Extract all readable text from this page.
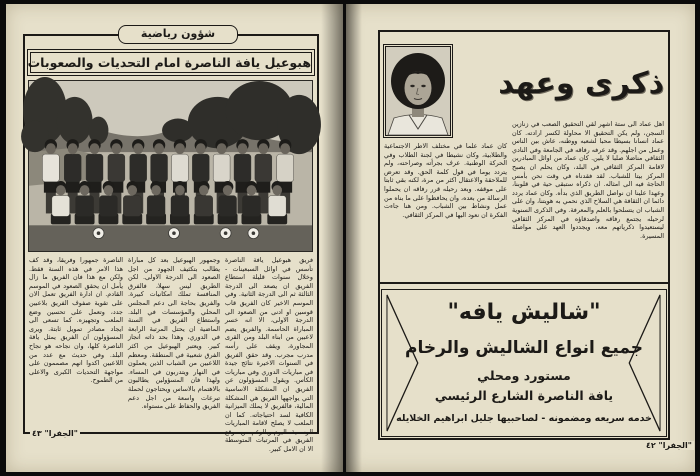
شؤون رياضية
هبوعيل يافة الناصرة امام التحديات والصعوبات
فريق هبوعيل يافة الناصرة تأسس في اوائل السبعينات - وخلال سنوات قليلة استطاع الفريق ان يصعد الى الدرجة الثالثة ثم الى الدرجة الثانية. وفي الموسم الاخير كان الفريق قاب قوسين او ادنى من الصعود الى الدرجة الاولى، الا انه خسر المباراة الحاسمة. والفريق يضم لاعبين من ابناء البلد ومن القرى المجاورة، ويقف على رأسه مدرب مجرب. وقد حقق الفريق في السنوات الاخيرة نتائج جيدة في مباريات الدوري وفي مباريات الكأس. ويقول المسؤولون عن الفريق ان المشكلة الاساسية التي يواجهها الفريق هي المشكلة المالية، فالفريق لا يملك الميزانية الكافية لسد احتياجاته. كما ان الملعب لا يصلح لاقامة المباريات الرسمية. اليوم وبالرغم من موقع الفريق في المرتبات المتوسطة الا ان الامل كبير.
وجمهور الهبوعيل بعد كل مباراة يطالب بتكثيف الجهود من اجل الصعود الى الدرجة الاولى. لكن الطريق ليس سهلا، فالفرق المنافسة تملك امكانيات كبيرة. والفريق بحاجة الى دعم المجلس المحلي والمؤسسات في البلد. واستطاع الفريق في السنة الماضية ان يحتل المرتبة الرابعة في الدوري، وهذا بحد ذاته انجاز كبير. ويعتبر الهبوعيل من اكثر الفرق شعبية في المنطقة. ومعظم اللاعبين من الشباب الذين يعملون في النهار ويتدربون في المساء. ولهذا فان المسؤولين يطالبون بالاهتمام بالاساس ويحتاجون لحملة تبرعات واسعة من اجل دعم الفريق والحفاظ على مستواه.
الناصرة جمهورا وفريقا، وقد كف هذا الامر في هذه السنة فقط. ولكن مع هذا فان الفريق ما زال يأمل ان يحقق الصعود في الموسم القادم. ان ادارة الفريق تعمل الان على تقوية صفوف الفريق بلاعبين جدد، وتعمل على تحسين وضع الملعب وتجهيزه. كما تسعى الى ايجاد مصادر تمويل ثابتة. ويرى المسؤولون ان الفريق يمثل يافة الناصرة كلها، وان نجاحه هو نجاح البلد. وفي حديث مع عدد من اللاعبين اكدوا انهم مصممون على مواجهة التحديات الكبرى والاعلى من الطموح.
"الجفرا" ٤٣
ذكرى وعهد
اهل عماد الى ستة اشهر لقي التحقيق الصعب في زنازين السجن، ولم يكن التحقيق الا محاولة لكسر ارادته. كان عماد انسانا بسيطا محبا لشعبه ووطنه، عاش بين الناس وعمل من اجلهم. وقد عرفه رفاقه في الجامعة وفي النادي الثقافي مناضلا صلبا لا يلين. كان عماد من اوائل المبادرين لاقامة المركز الثقافي في البلد، وكان يحلم ان يصبح المركز بيتا للشباب. لقد فقدناه في وقت نحن بأمس الحاجة فيه الى امثاله. ان ذكراه ستبقى حية في قلوبنا، وعهدا علينا ان نواصل الطريق الذي بدأه. وكان عماد يردد دائما ان الثقافة هي السلاح الذي نحمي به هويتنا، وان على الشباب ان يتسلحوا بالعلم والمعرفة. وفي الذكرى السنوية لرحيله يجتمع رفاقه واصدقاؤه في المركز الثقافي ليستعيدوا ذكرياتهم معه، ويجددوا العهد على مواصلة المسيرة.
كان عماد علما في مختلف الاطر الاجتماعية والطلابية، وكان نشيطا في لجنة الطلاب وفي الحركة الوطنية. عرف بجرأته وصراحته، ولم يتردد يوما في قول كلمة الحق. وقد تعرض للملاحقة والاعتقال اكثر من مرة، لكنه بقي ثابتا على موقفه. وبعد رحيله قرر رفاقه ان يحملوا الرسالة من بعده، وان يحافظوا على ما بناه من عمل ونشاط بين الشباب. ومن هنا جاءت الفكرة ان نعود اليها في المركز الثقافي.
"شاليش يافه"
جميع انواع الشاليش والرخام
مستورد ومحلي
يافة الناصرة الشارع الرئيسي
خدمه سريعه ومضمونه - لصاحبيها جليل ابراهيم الخلايله
"الجفرا" ٤٢
